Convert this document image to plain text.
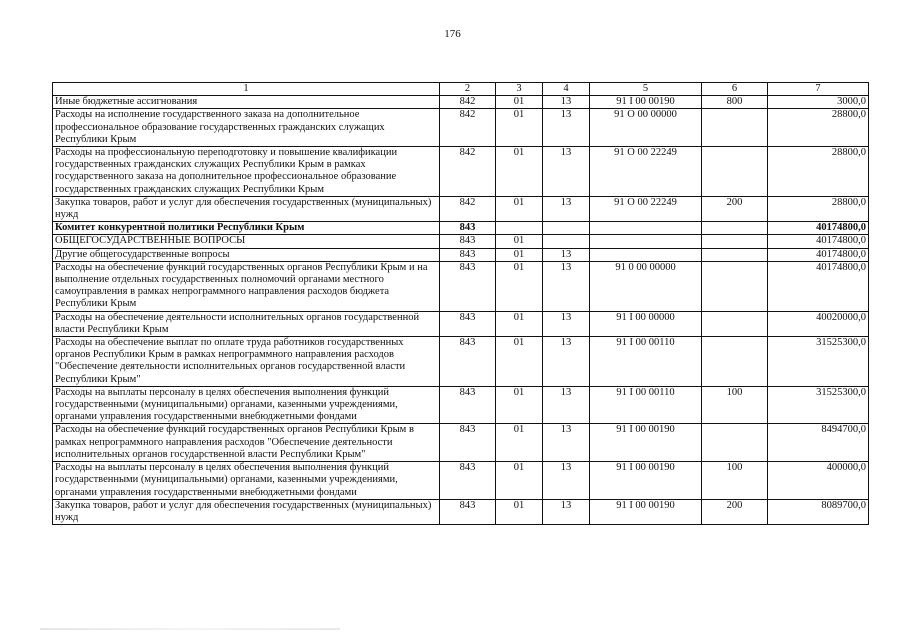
176
1	2	3	4	5	6	7
Иные бюджетные ассигнования	842	01	13	91 I 00 00190	800	3000,0
Расходы на исполнение государственного заказа на дополнительное профессиональное образование государственных гражданских служащих Республики Крым	842	01	13	91 О 00 00000		28800,0
Расходы на профессиональную переподготовку и повышение квалификации государственных гражданских служащих Республики Крым в рамках государственного заказа на дополнительное профессиональное образование государственных гражданских служащих Республики Крым	842	01	13	91 О 00 22249		28800,0
Закупка товаров, работ и услуг для обеспечения государственных (муниципальных) нужд	842	01	13	91 О 00 22249	200	28800,0
Комитет конкурентной политики Республики Крым	843					40174800,0
ОБЩЕГОСУДАРСТВЕННЫЕ ВОПРОСЫ	843	01				40174800,0
Другие общегосударственные вопросы	843	01	13			40174800,0
Расходы на обеспечение функций государственных органов Республики Крым и на выполнение отдельных государственных полномочий органами местного самоуправления в рамках непрограммного направления расходов бюджета Республики Крым	843	01	13	91 0 00 00000		40174800,0
Расходы на обеспечение деятельности исполнительных органов государственной власти Республики Крым	843	01	13	91 I 00 00000		40020000,0
Расходы на обеспечение выплат по оплате труда работников государственных органов Республики Крым в рамках непрограммного направления расходов "Обеспечение деятельности исполнительных органов государственной власти Республики Крым"	843	01	13	91 I 00 00110		31525300,0
Расходы на выплаты персоналу в целях обеспечения выполнения функций государственными (муниципальными) органами, казенными учреждениями, органами управления государственными внебюджетными фондами	843	01	13	91 I 00 00110	100	31525300,0
Расходы на обеспечение функций государственных органов Республики Крым в рамках непрограммного направления расходов "Обеспечение деятельности исполнительных органов государственной власти Республики Крым"	843	01	13	91 I 00 00190		8494700,0
Расходы на выплаты персоналу в целях обеспечения выполнения функций государственными (муниципальными) органами, казенными учреждениями, органами управления государственными внебюджетными фондами	843	01	13	91 I 00 00190	100	400000,0
Закупка товаров, работ и услуг для обеспечения государственных (муниципальных) нужд	843	01	13	91 I 00 00190	200	8089700,0
